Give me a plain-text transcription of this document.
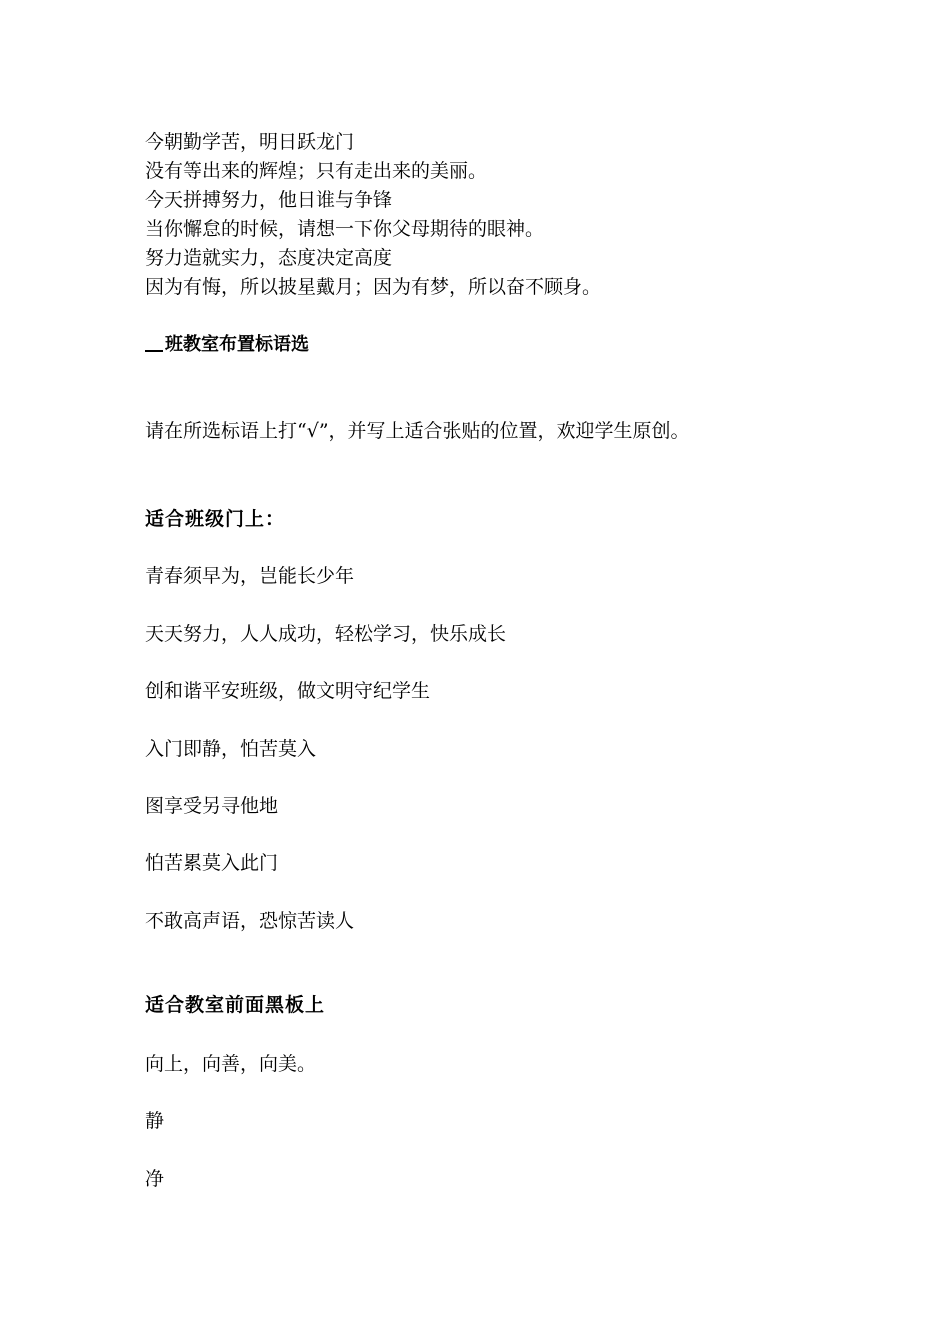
今朝勤学苦，明日跃龙门
没有等出来的辉煌；只有走出来的美丽。
今天拼搏努力，他日谁与争锋
当你懈怠的时候，请想一下你父母期待的眼神。
努力造就实力，态度决定高度
因为有悔，所以披星戴月；因为有梦，所以奋不顾身。
班教室布置标语选
请在所选标语上打“√”，并写上适合张贴的位置，欢迎学生原创。
适合班级门上：
青春须早为，岂能长少年
天天努力，人人成功，轻松学习，快乐成长
创和谐平安班级，做文明守纪学生
入门即静，怕苦莫入
图享受另寻他地
怕苦累莫入此门
不敢高声语，恐惊苦读人
适合教室前面黑板上
向上，向善，向美。
静
净
